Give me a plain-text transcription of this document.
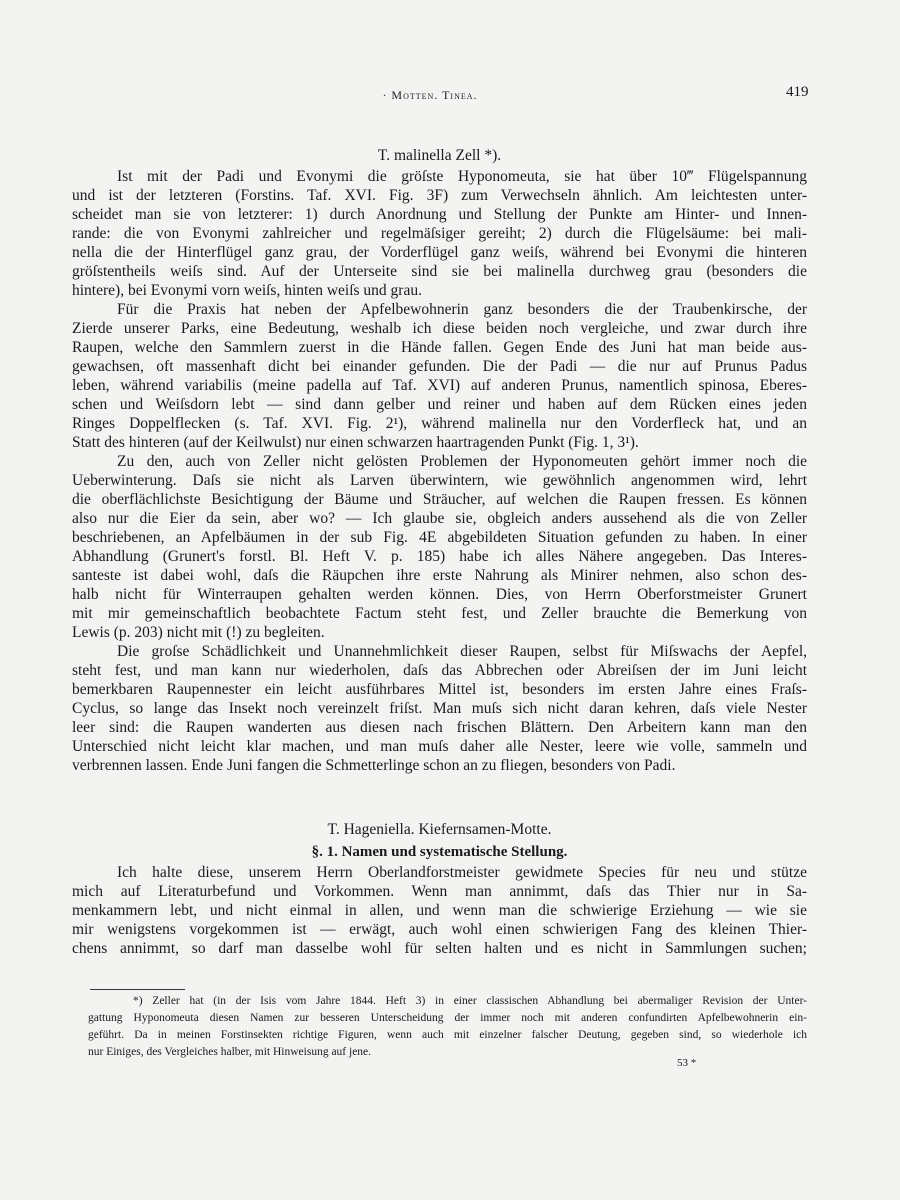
· Motten. Tinea.	419
T. malinella Zell *).
Ist mit der Padi und Evonymi die gröſste Hyponomeuta, sie hat über 10‴ Flügelspannung
und ist der letzteren (Forstins. Taf. XVI. Fig. 3F) zum Verwechseln ähnlich. Am leichtesten unter-
scheidet man sie von letzterer: 1) durch Anordnung und Stellung der Punkte am Hinter- und Innen-
rande: die von Evonymi zahlreicher und regelmäſsiger gereiht; 2) durch die Flügelsäume: bei mali-
nella die der Hinterflügel ganz grau, der Vorderflügel ganz weiſs, während bei Evonymi die hinteren
gröſstentheils weiſs sind. Auf der Unterseite sind sie bei malinella durchweg grau (besonders die
hintere), bei Evonymi vorn weiſs, hinten weiſs und grau.
Für die Praxis hat neben der Apfelbewohnerin ganz besonders die der Traubenkirsche, der
Zierde unserer Parks, eine Bedeutung, weshalb ich diese beiden noch vergleiche, und zwar durch ihre
Raupen, welche den Sammlern zuerst in die Hände fallen. Gegen Ende des Juni hat man beide aus-
gewachsen, oft massenhaft dicht bei einander gefunden. Die der Padi — die nur auf Prunus Padus
leben, während variabilis (meine padella auf Taf. XVI) auf anderen Prunus, namentlich spinosa, Eberes-
schen und Weiſsdorn lebt — sind dann gelber und reiner und haben auf dem Rücken eines jeden
Ringes Doppelflecken (s. Taf. XVI. Fig. 2¹), während malinella nur den Vorderfleck hat, und an
Statt des hinteren (auf der Keilwulst) nur einen schwarzen haartragenden Punkt (Fig. 1, 3¹).
Zu den, auch von Zeller nicht gelösten Problemen der Hyponomeuten gehört immer noch die
Ueberwinterung. Daſs sie nicht als Larven überwintern, wie gewöhnlich angenommen wird, lehrt
die oberflächlichste Besichtigung der Bäume und Sträucher, auf welchen die Raupen fressen. Es können
also nur die Eier da sein, aber wo? — Ich glaube sie, obgleich anders aussehend als die von Zeller
beschriebenen, an Apfelbäumen in der sub Fig. 4E abgebildeten Situation gefunden zu haben. In einer
Abhandlung (Grunert's forstl. Bl. Heft V. p. 185) habe ich alles Nähere angegeben. Das Interes-
santeste ist dabei wohl, daſs die Räupchen ihre erste Nahrung als Minirer nehmen, also schon des-
halb nicht für Winterraupen gehalten werden können. Dies, von Herrn Oberforstmeister Grunert
mit mir gemeinschaftlich beobachtete Factum steht fest, und Zeller brauchte die Bemerkung von
Lewis (p. 203) nicht mit (!) zu begleiten.
Die groſse Schädlichkeit und Unannehmlichkeit dieser Raupen, selbst für Miſswachs der Aepfel,
steht fest, und man kann nur wiederholen, daſs das Abbrechen oder Abreiſsen der im Juni leicht
bemerkbaren Raupennester ein leicht ausführbares Mittel ist, besonders im ersten Jahre eines Fraſs-
Cyclus, so lange das Insekt noch vereinzelt friſst. Man muſs sich nicht daran kehren, daſs viele Nester
leer sind: die Raupen wanderten aus diesen nach frischen Blättern. Den Arbeitern kann man den
Unterschied nicht leicht klar machen, und man muſs daher alle Nester, leere wie volle, sammeln und
verbrennen lassen. Ende Juni fangen die Schmetterlinge schon an zu fliegen, besonders von Padi.
T. Hageniella. Kiefernsamen-Motte.
§. 1. Namen und systematische Stellung.
Ich halte diese, unserem Herrn Oberlandforstmeister gewidmete Species für neu und stütze
mich auf Literaturbefund und Vorkommen. Wenn man annimmt, daſs das Thier nur in Sa-
menkammern lebt, und nicht einmal in allen, und wenn man die schwierige Erziehung — wie sie
mir wenigstens vorgekommen ist — erwägt, auch wohl einen schwierigen Fang des kleinen Thier-
chens annimmt, so darf man dasselbe wohl für selten halten und es nicht in Sammlungen suchen;
*) Zeller hat (in der Isis vom Jahre 1844. Heft 3) in einer classischen Abhandlung bei abermaliger Revision der Unter-
gattung Hyponomeuta diesen Namen zur besseren Unterscheidung der immer noch mit anderen confundirten Apfelbewohnerin ein-
geführt. Da in meinen Forstinsekten richtige Figuren, wenn auch mit einzelner falscher Deutung, gegeben sind, so wiederhole ich
nur Einiges, des Vergleiches halber, mit Hinweisung auf jene.
53 *
